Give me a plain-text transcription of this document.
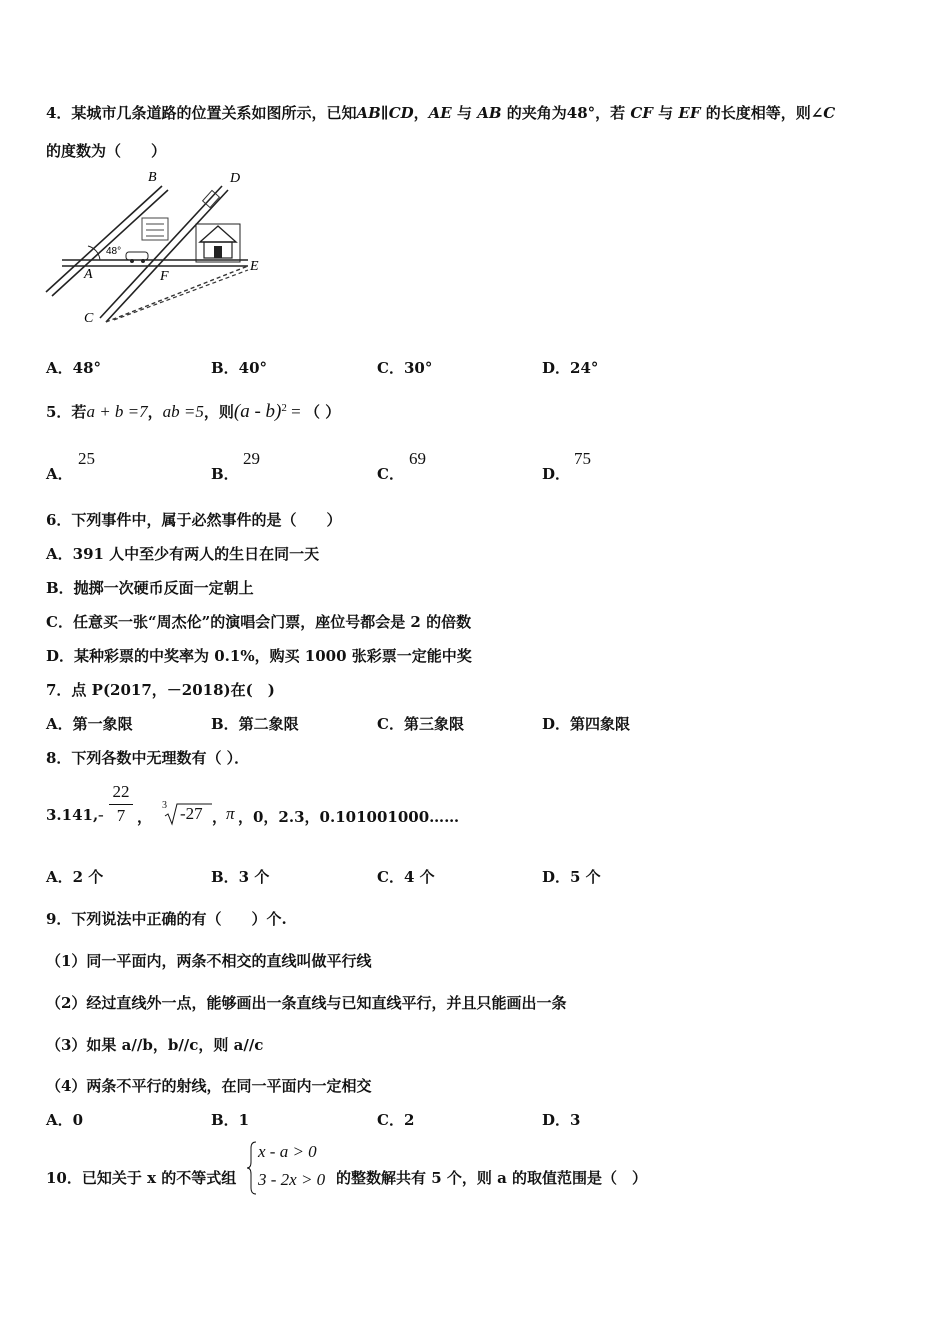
4．某城市几条道路的位置关系如图所示，已知AB∥CD，AE 与 AB 的夹角为48°，若 CF 与 EF 的长度相等，则∠C
的度数为（　　）
B	D
A	F
E
C
48°
A．48°	B．40°	C．30°	D．24°
5．若a + b =7，ab =5，则(a - b)$^2$ = （ ）
A．
25
B．
29
C．
69
D．
75
6．下列事件中，属于必然事件的是（　　）
A．391 人中至少有两人的生日在同一天
B．抛掷一次硬币反面一定朝上
C．任意买一张“周杰伦”的演唱会门票，座位号都会是 2 的倍数
D．某种彩票的中奖率为 0.1%，购买 1000 张彩票一定能中奖
7．点 P(2017，－2018)在(　)
A．第一象限	B．第二象限	C．第三象限	D．第四象限
8．下列各数中无理数有（ ）．
3.141, -
22
7 ，
3 -27 ，
π ，0，2.3，0.101001000……
A．2 个	B．3 个	C．4 个	D．5 个
9．下列说法中正确的有（　　）个.
（1）同一平面内，两条不相交的直线叫做平行线
（2）经过直线外一点，能够画出一条直线与已知直线平行，并且只能画出一条
（3）如果 a//b，b//c，则 a//c
（4）两条不平行的射线，在同一平面内一定相交
A．0	B．1	C．2	D．3
10．已知关于 x 的不等式组
x - a > 0
3 - 2x > 0 的整数解共有 5 个，则 a 的取值范围是（　）
